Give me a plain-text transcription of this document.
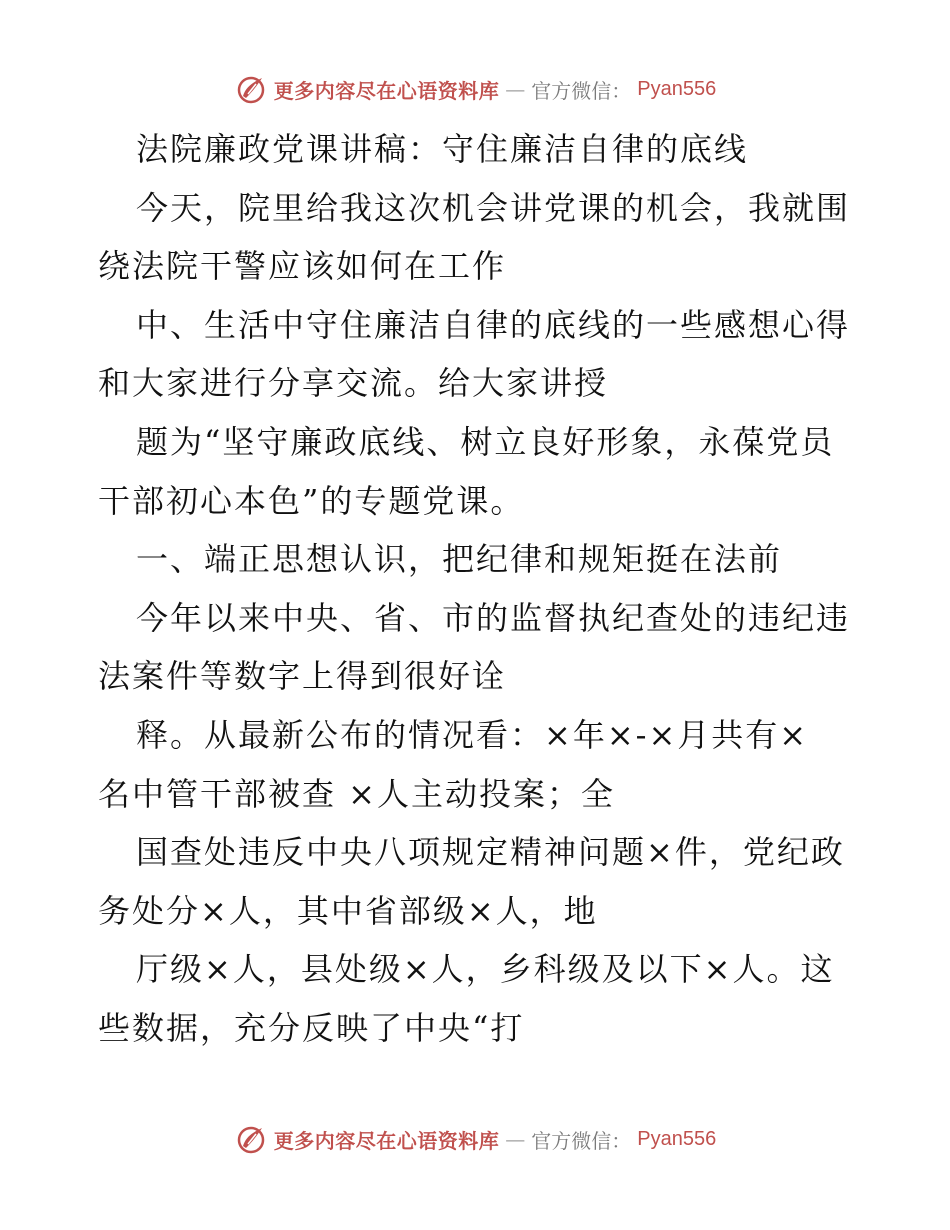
更多内容尽在心语资料库 — 官方微信： Pyan556
法院廉政党课讲稿：守住廉洁自律的底线
今天，院里给我这次机会讲党课的机会，我就围
绕法院干警应该如何在工作
中、生活中守住廉洁自律的底线的一些感想心得
和大家进行分享交流。给大家讲授
题为“坚守廉政底线、树立良好形象，永葆党员
干部初心本色”的专题党课。
一、端正思想认识，把纪律和规矩挺在法前
今年以来中央、省、市的监督执纪查处的违纪违
法案件等数字上得到很好诠
释。从最新公布的情况看：×年×-×月共有×
名中管干部被查 ×人主动投案；全
国查处违反中央八项规定精神问题×件，党纪政
务处分×人，其中省部级×人，地
厅级×人，县处级×人，乡科级及以下×人。这
些数据，充分反映了中央“打
更多内容尽在心语资料库 — 官方微信： Pyan556
